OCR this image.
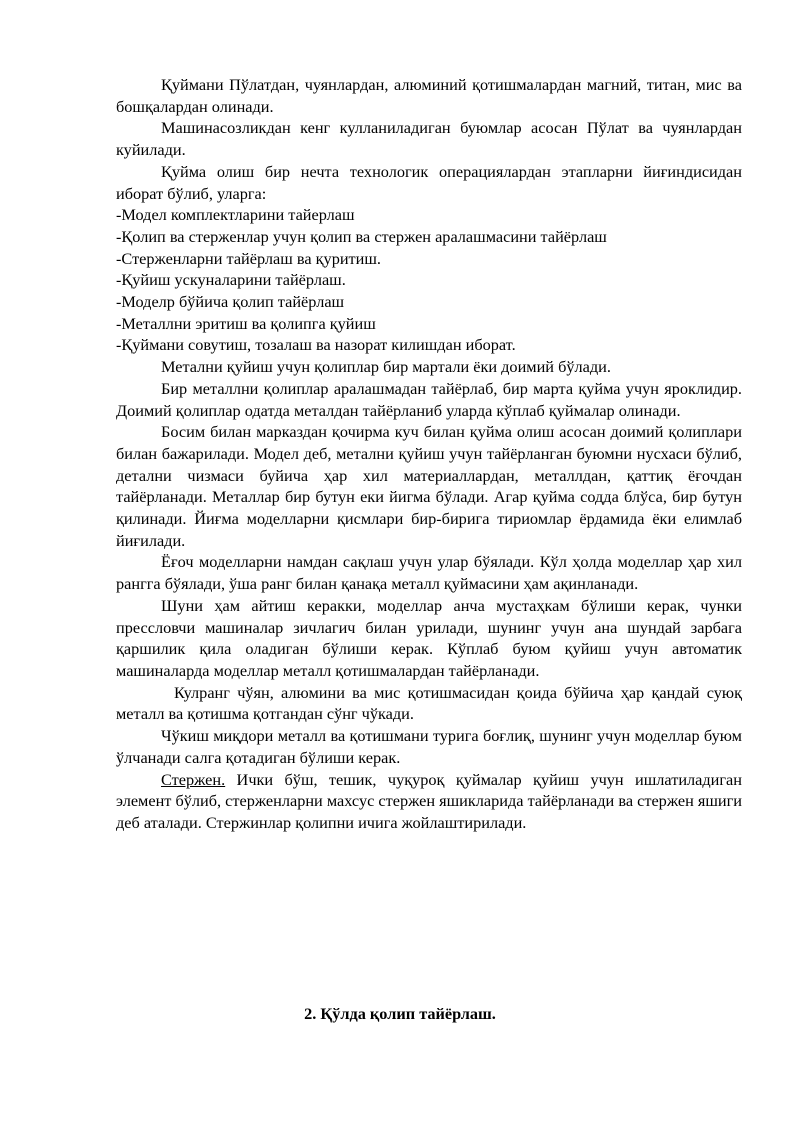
Қуймани Пўлатдан, чуянлардан, алюминий қотишмалардан магний, титан, мис ва бошқалардан олинади.

Машинасозликдан кенг кулланиладиган буюмлар асосан Пўлат ва чуянлардан куйилади.

Қуйма олиш бир нечта технологик операциялардан этапларни йиғиндисидан иборат бўлиб, уларга:

-Модел комплектларини тайерлаш

-Қолип ва стерженлар учун қолип ва стержен аралашмасини тайёрлаш

-Стерженларни тайёрлаш ва қуритиш.

-Қуйиш ускуналарини тайёрлаш.

-Моделр бўйича қолип тайёрлаш

-Металлни эритиш ва қолипга қуйиш

-Қуймани совутиш, тозалаш ва назорат килишдан иборат.

Метални қуйиш учун қолиплар бир мартали ёки доимий бўлади.

Бир металлни қолиплар аралашмадан тайёрлаб, бир марта қуйма учун яроклидир. Доимий қолиплар одатда металдан тайёрланиб уларда кўплаб қуймалар олинади.

Босим билан марказдан қочирма куч билан қуйма олиш асосан доимий қолиплари билан бажарилади. Модел деб, метални қуйиш учун тайёрланган буюмни нусхаси бўлиб, детални чизмаси буйича ҳар хил материаллардан, металлдан, қаттиқ ёғочдан тайёрланади. Металлар бир бутун еки йигма бўлади. Агар қуйма содда блўса, бир бутун қилинади. Йиғма моделларни қисмлари бир-бирига тириомлар ёрдамида ёки елимлаб йиғилади.

Ёғоч моделларни намдан сақлаш учун улар бўялади. Кўл ҳолда моделлар ҳар хил рангга бўялади, ўша ранг билан қанақа металл қуймасини ҳам ақинланади.

Шуни ҳам айтиш керакки, моделлар анча мустаҳкам бўлиши керак, чунки прессловчи машиналар зичлагич билан урилади, шунинг учун ана шундай зарбага қаршилик қила оладиган бўлиши керак. Кўплаб буюм қуйиш учун автоматик машиналарда моделлар металл қотишмалардан тайёрланади.

Кулранг чўян, алюмини ва мис қотишмасидан қоида бўйича ҳар қандай суюқ металл ва қотишма қотгандан сўнг чўкади.

Чўкиш миқдори металл ва қотишмани турига боғлиқ, шунинг учун моделлар буюм ўлчанади салга қотадиган бўлиши керак.

Стержен. Ички бўш, тешик, чуқуроқ қуймалар қуйиш учун ишлатиладиган элемент бўлиб, стерженларни махсус стержен яшикларида тайёрланади ва стержен яшиги деб аталади. Стержинлар қолипни ичига жойлаштирилади.

2. Қўлда қолип тайёрлаш.
